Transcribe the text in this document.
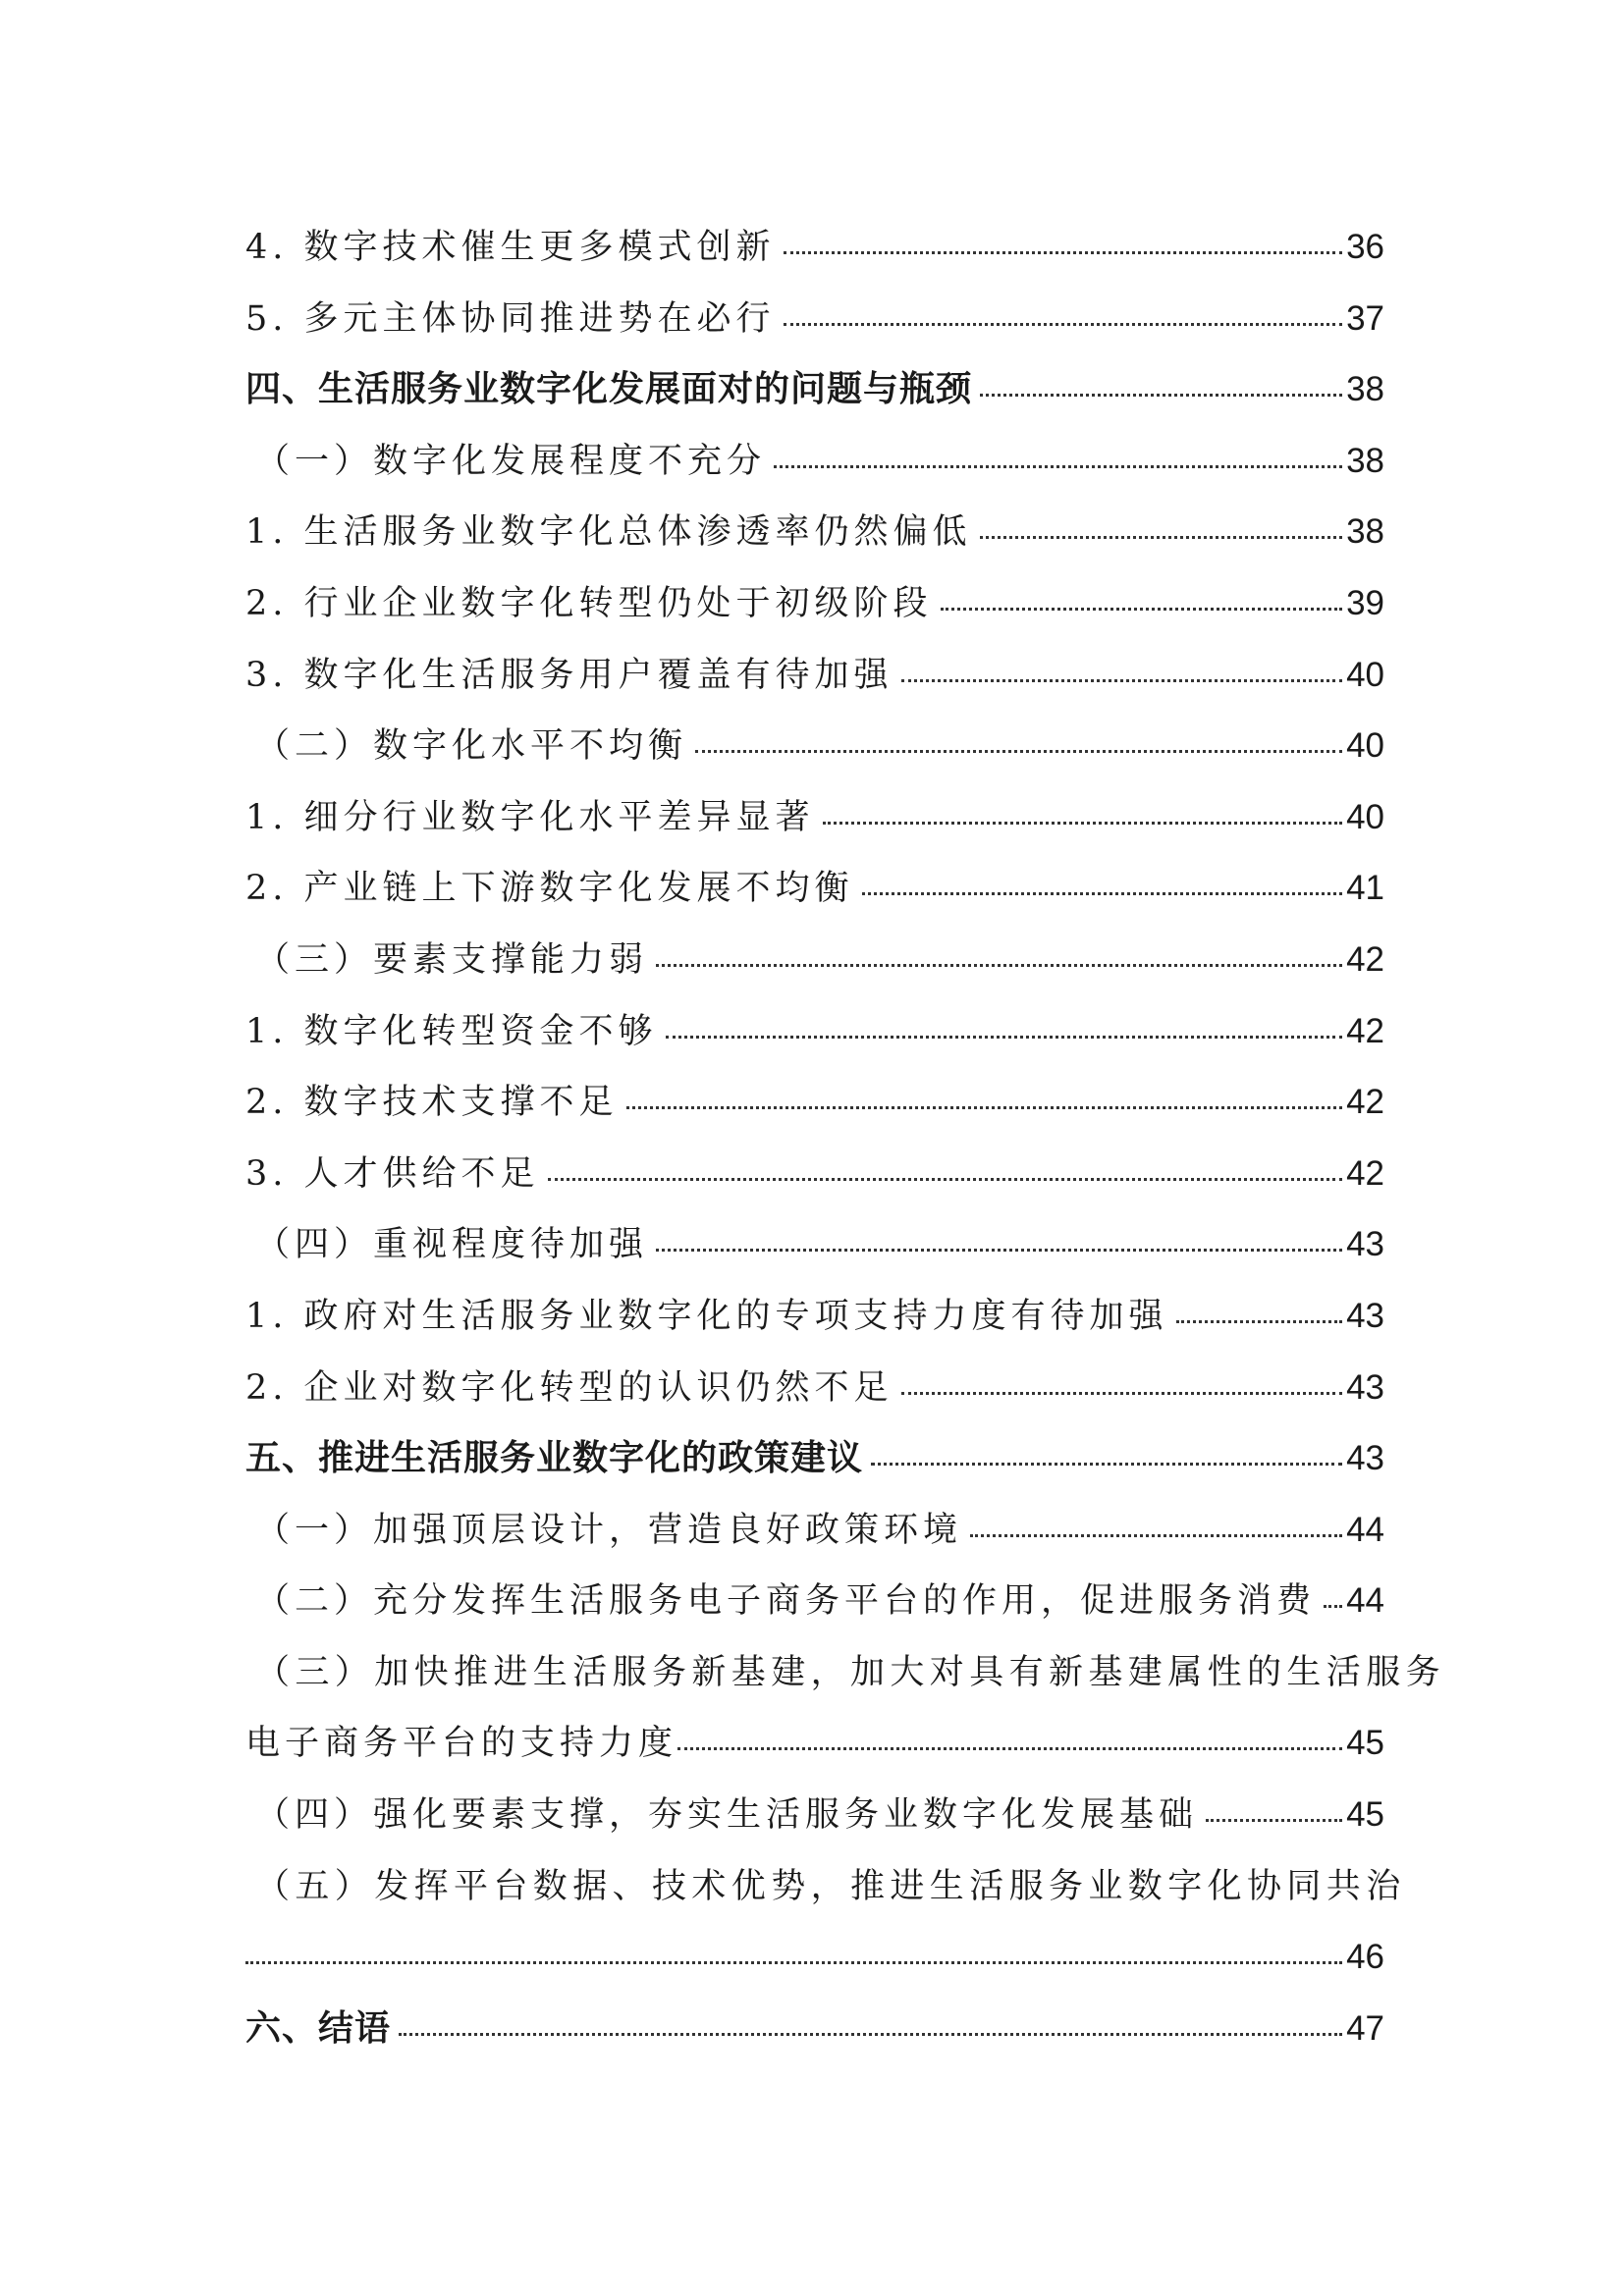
4. 数字技术催生更多模式创新	36
5. 多元主体协同推进势在必行	37
四、生活服务业数字化发展面对的问题与瓶颈	38
（一）数字化发展程度不充分	38
1. 生活服务业数字化总体渗透率仍然偏低	38
2. 行业企业数字化转型仍处于初级阶段	39
3. 数字化生活服务用户覆盖有待加强	40
（二）数字化水平不均衡	40
1. 细分行业数字化水平差异显著	40
2. 产业链上下游数字化发展不均衡	41
（三）要素支撑能力弱	42
1. 数字化转型资金不够	42
2. 数字技术支撑不足	42
3. 人才供给不足	42
（四）重视程度待加强	43
1. 政府对生活服务业数字化的专项支持力度有待加强	43
2. 企业对数字化转型的认识仍然不足	43
五、推进生活服务业数字化的政策建议	43
（一）加强顶层设计，营造良好政策环境	44
（二）充分发挥生活服务电子商务平台的作用，促进服务消费 44
（三）加快推进生活服务新基建，加大对具有新基建属性的生活服务
电子商务平台的支持力度	45
（四）强化要素支撑，夯实生活服务业数字化发展基础	45
（五）发挥平台数据、技术优势，推进生活服务业数字化协同共治
46
六、结语	47
